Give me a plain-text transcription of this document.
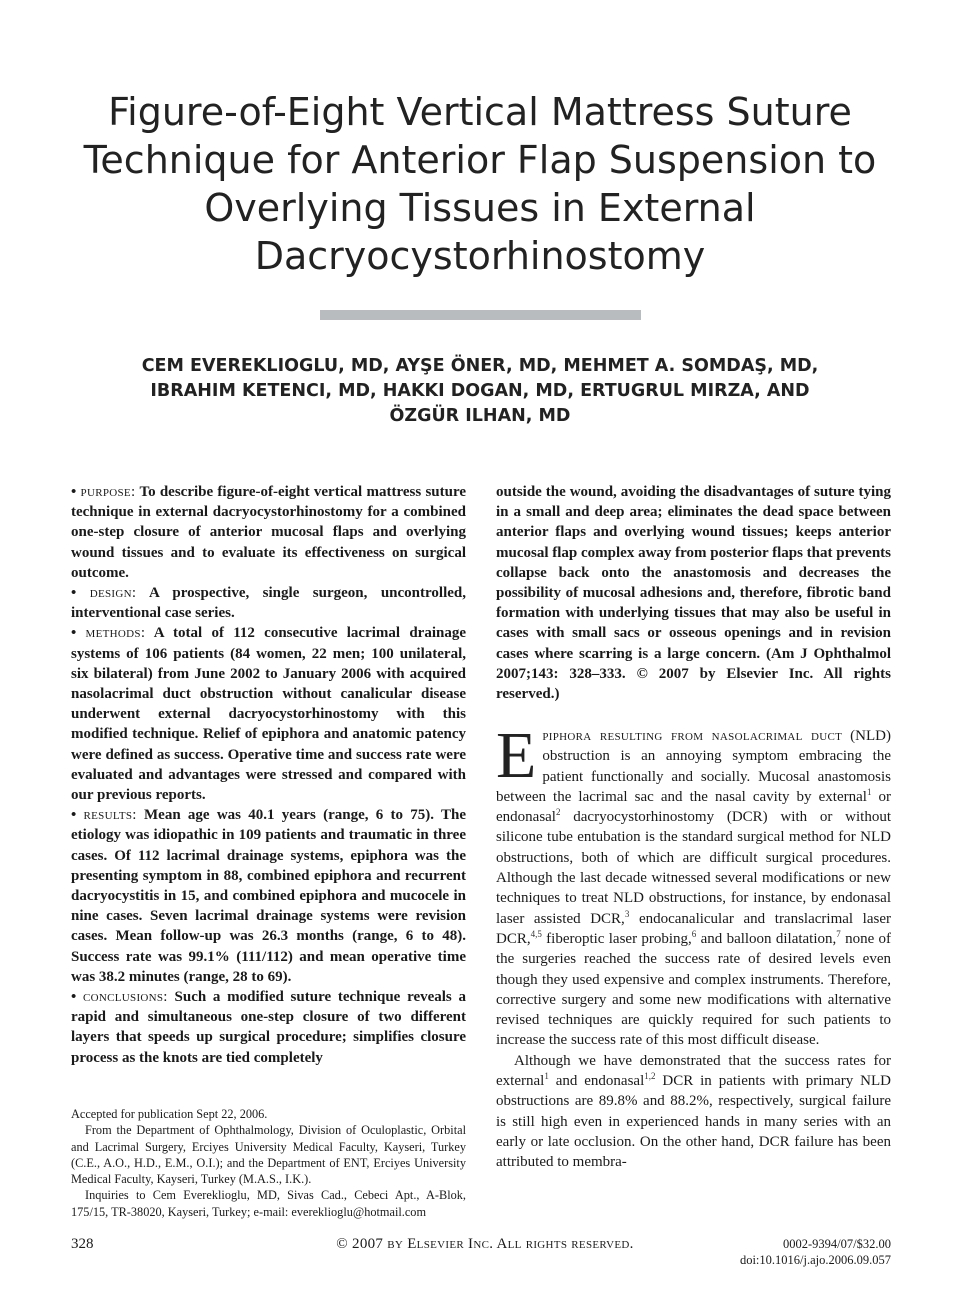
Figure-of-Eight Vertical Mattress Suture
Technique for Anterior Flap Suspension to
Overlying Tissues in External
Dacryocystorhinostomy
CEM EVEREKLIOGLU, MD, AYŞE ÖNER, MD, MEHMET A. SOMDAŞ, MD,
IBRAHIM KETENCI, MD, HAKKI DOGAN, MD, ERTUGRUL MIRZA, AND
ÖZGÜR ILHAN, MD

• purpose: To describe figure-of-eight vertical mattress suture technique in external dacryocystorhinostomy for a combined one-step closure of anterior mucosal flaps and overlying wound tissues and to evaluate its effectiveness on surgical outcome.

• design: A prospective, single surgeon, uncontrolled, interventional case series.

• methods: A total of 112 consecutive lacrimal drainage systems of 106 patients (84 women, 22 men; 100 unilateral, six bilateral) from June 2002 to January 2006 with acquired nasolacrimal duct obstruction without canalicular disease underwent external dacryocystorhinostomy with this modified technique. Relief of epiphora and anatomic patency were defined as success. Operative time and success rate were evaluated and advantages were stressed and compared with our previous reports.

• results: Mean age was 40.1 years (range, 6 to 75). The etiology was idiopathic in 109 patients and traumatic in three cases. Of 112 lacrimal drainage systems, epiphora was the presenting symptom in 88, combined epiphora and recurrent dacryocystitis in 15, and combined epiphora and mucocele in nine cases. Seven lacrimal drainage systems were revision cases. Mean follow-up was 26.3 months (range, 6 to 48). Success rate was 99.1% (111/112) and mean operative time was 38.2 minutes (range, 28 to 69).

• conclusions: Such a modified suture technique reveals a rapid and simultaneous one-step closure of two different layers that speeds up surgical procedure; simplifies closure process as the knots are tied completely

outside the wound, avoiding the disadvantages of suture tying in a small and deep area; eliminates the dead space between anterior flaps and overlying wound tissues; keeps anterior mucosal flap complex away from posterior flaps that prevents collapse back onto the anastomosis and decreases the possibility of mucosal adhesions and, therefore, fibrotic band formation with underlying tissues that may also be useful in cases with small sacs or osseous openings and in revision cases where scarring is a large concern. (Am J Ophthalmol 2007;143: 328–333. © 2007 by Elsevier Inc. All rights reserved.)

Epiphora resulting from nasolacrimal duct (NLD) obstruction is an annoying symptom embracing the patient functionally and socially. Mucosal anastomosis between the lacrimal sac and the nasal cavity by external$^1$ or endonasal$^2$ dacryocystorhinostomy (DCR) with or without silicone tube entubation is the standard surgical method for NLD obstructions, both of which are difficult surgical procedures. Although the last decade witnessed several modifications or new techniques to treat NLD obstructions, for instance, by endonasal laser assisted DCR,$^3$ endocanalicular and translacrimal laser DCR,$^{4,5}$ fiberoptic laser probing,$^6$ and balloon dilatation,$^7$ none of the surgeries reached the success rate of desired levels even though they used expensive and complex instruments. Therefore, corrective surgery and some new modifications with alternative revised techniques are quickly required for such patients to increase the success rate of this most difficult disease.

Although we have demonstrated that the success rates for external$^1$ and endonasal$^{1,2}$ DCR in patients with primary NLD obstructions are 89.8% and 88.2%, respectively, surgical failure is still high even in experienced hands in many series with an early or late occlusion. On the other hand, DCR failure has been attributed to membra-

Accepted for publication Sept 22, 2006.

From the Department of Ophthalmology, Division of Oculoplastic, Orbital and Lacrimal Surgery, Erciyes University Medical Faculty, Kayseri, Turkey (C.E., A.O., H.D., E.M., O.I.); and the Department of ENT, Erciyes University Medical Faculty, Kayseri, Turkey (M.A.S., I.K.).

Inquiries to Cem Evereklioglu, MD, Sivas Cad., Cebeci Apt., A-Blok, 175/15, TR-38020, Kayseri, Turkey; e-mail: evereklioglu@hotmail.com

328	© 2007 by Elsevier Inc. All rights reserved.	0002-9394/07/$32.00
doi:10.1016/j.ajo.2006.09.057
